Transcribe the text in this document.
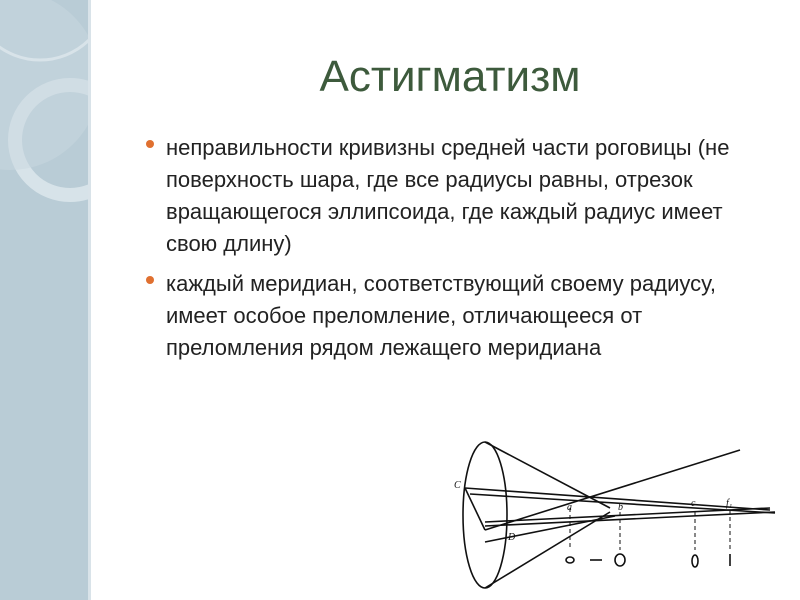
Астигматизм
неправильности кривизны средней части роговицы (не поверхность шара, где все радиусы равны, отрезок вращающегося эллипсоида, где каждый радиус имеет свою длину)
каждый меридиан, соответствующий своему радиусу, имеет особое преломление, отличающееся от преломления рядом лежащего меридиана
C
D
a	b	c	f₁
